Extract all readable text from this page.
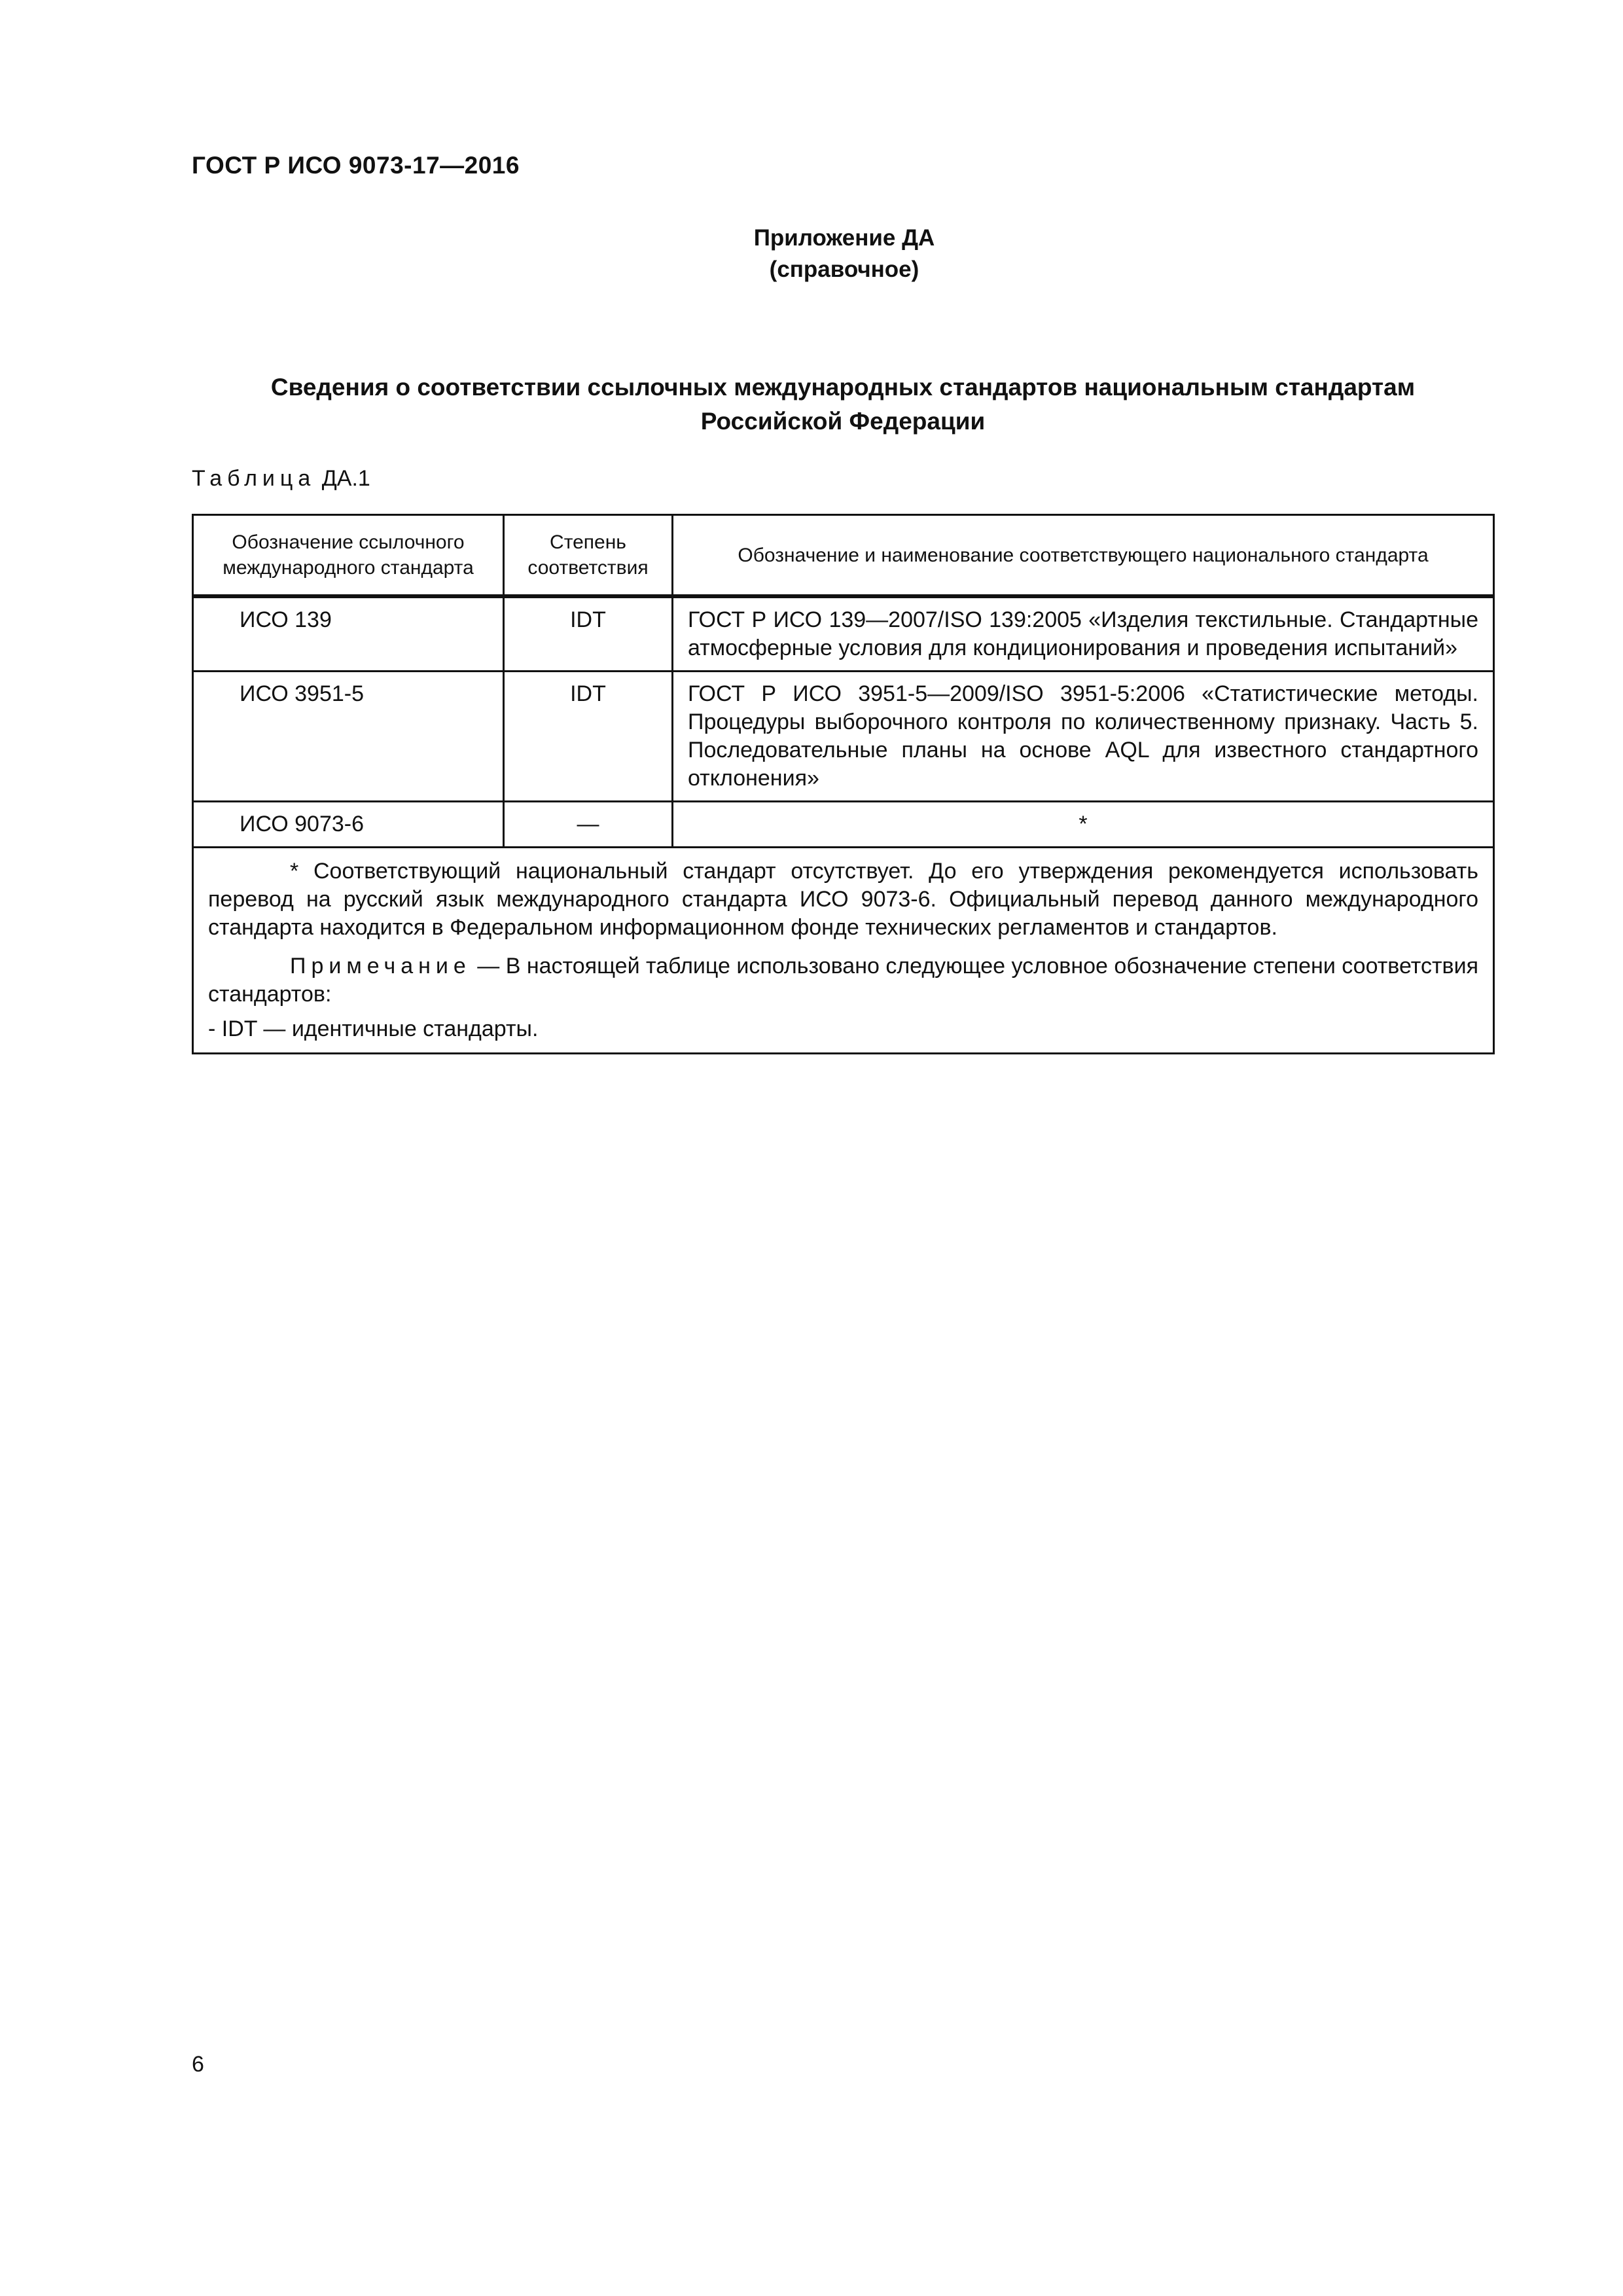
ГОСТ Р ИСО 9073-17—2016
Приложение ДА
(справочное)
Сведения о соответствии ссылочных международных стандартов национальным стандартам
Российской Федерации
Таблица ДА.1
Обозначение ссылочного международного стандарта	Степень соответствия	Обозначение и наименование соответствующего национального стандарта
ИСО 139	IDT	ГОСТ Р ИСО 139—2007/ISO 139:2005 «Изделия текстильные. Стандартные атмосферные условия для кондиционирования и проведения испытаний»
ИСО 3951-5	IDT	ГОСТ Р ИСО 3951-5—2009/ISO 3951-5:2006 «Статистические методы. Процедуры выборочного контроля по количественному признаку. Часть 5. Последовательные планы на основе AQL для известного стандартного отклонения»
ИСО 9073-6	—	*

* Соответствующий национальный стандарт отсутствует. До его утверждения рекомендуется использовать перевод на русский язык международного стандарта ИСО 9073-6. Официальный перевод данного международного стандарта находится в Федеральном информационном фонде технических регламентов и стандартов.

Примечание — В настоящей таблице использовано следующее условное обозначение степени соответствия стандартов:

- IDT — идентичные стандарты.		

6
